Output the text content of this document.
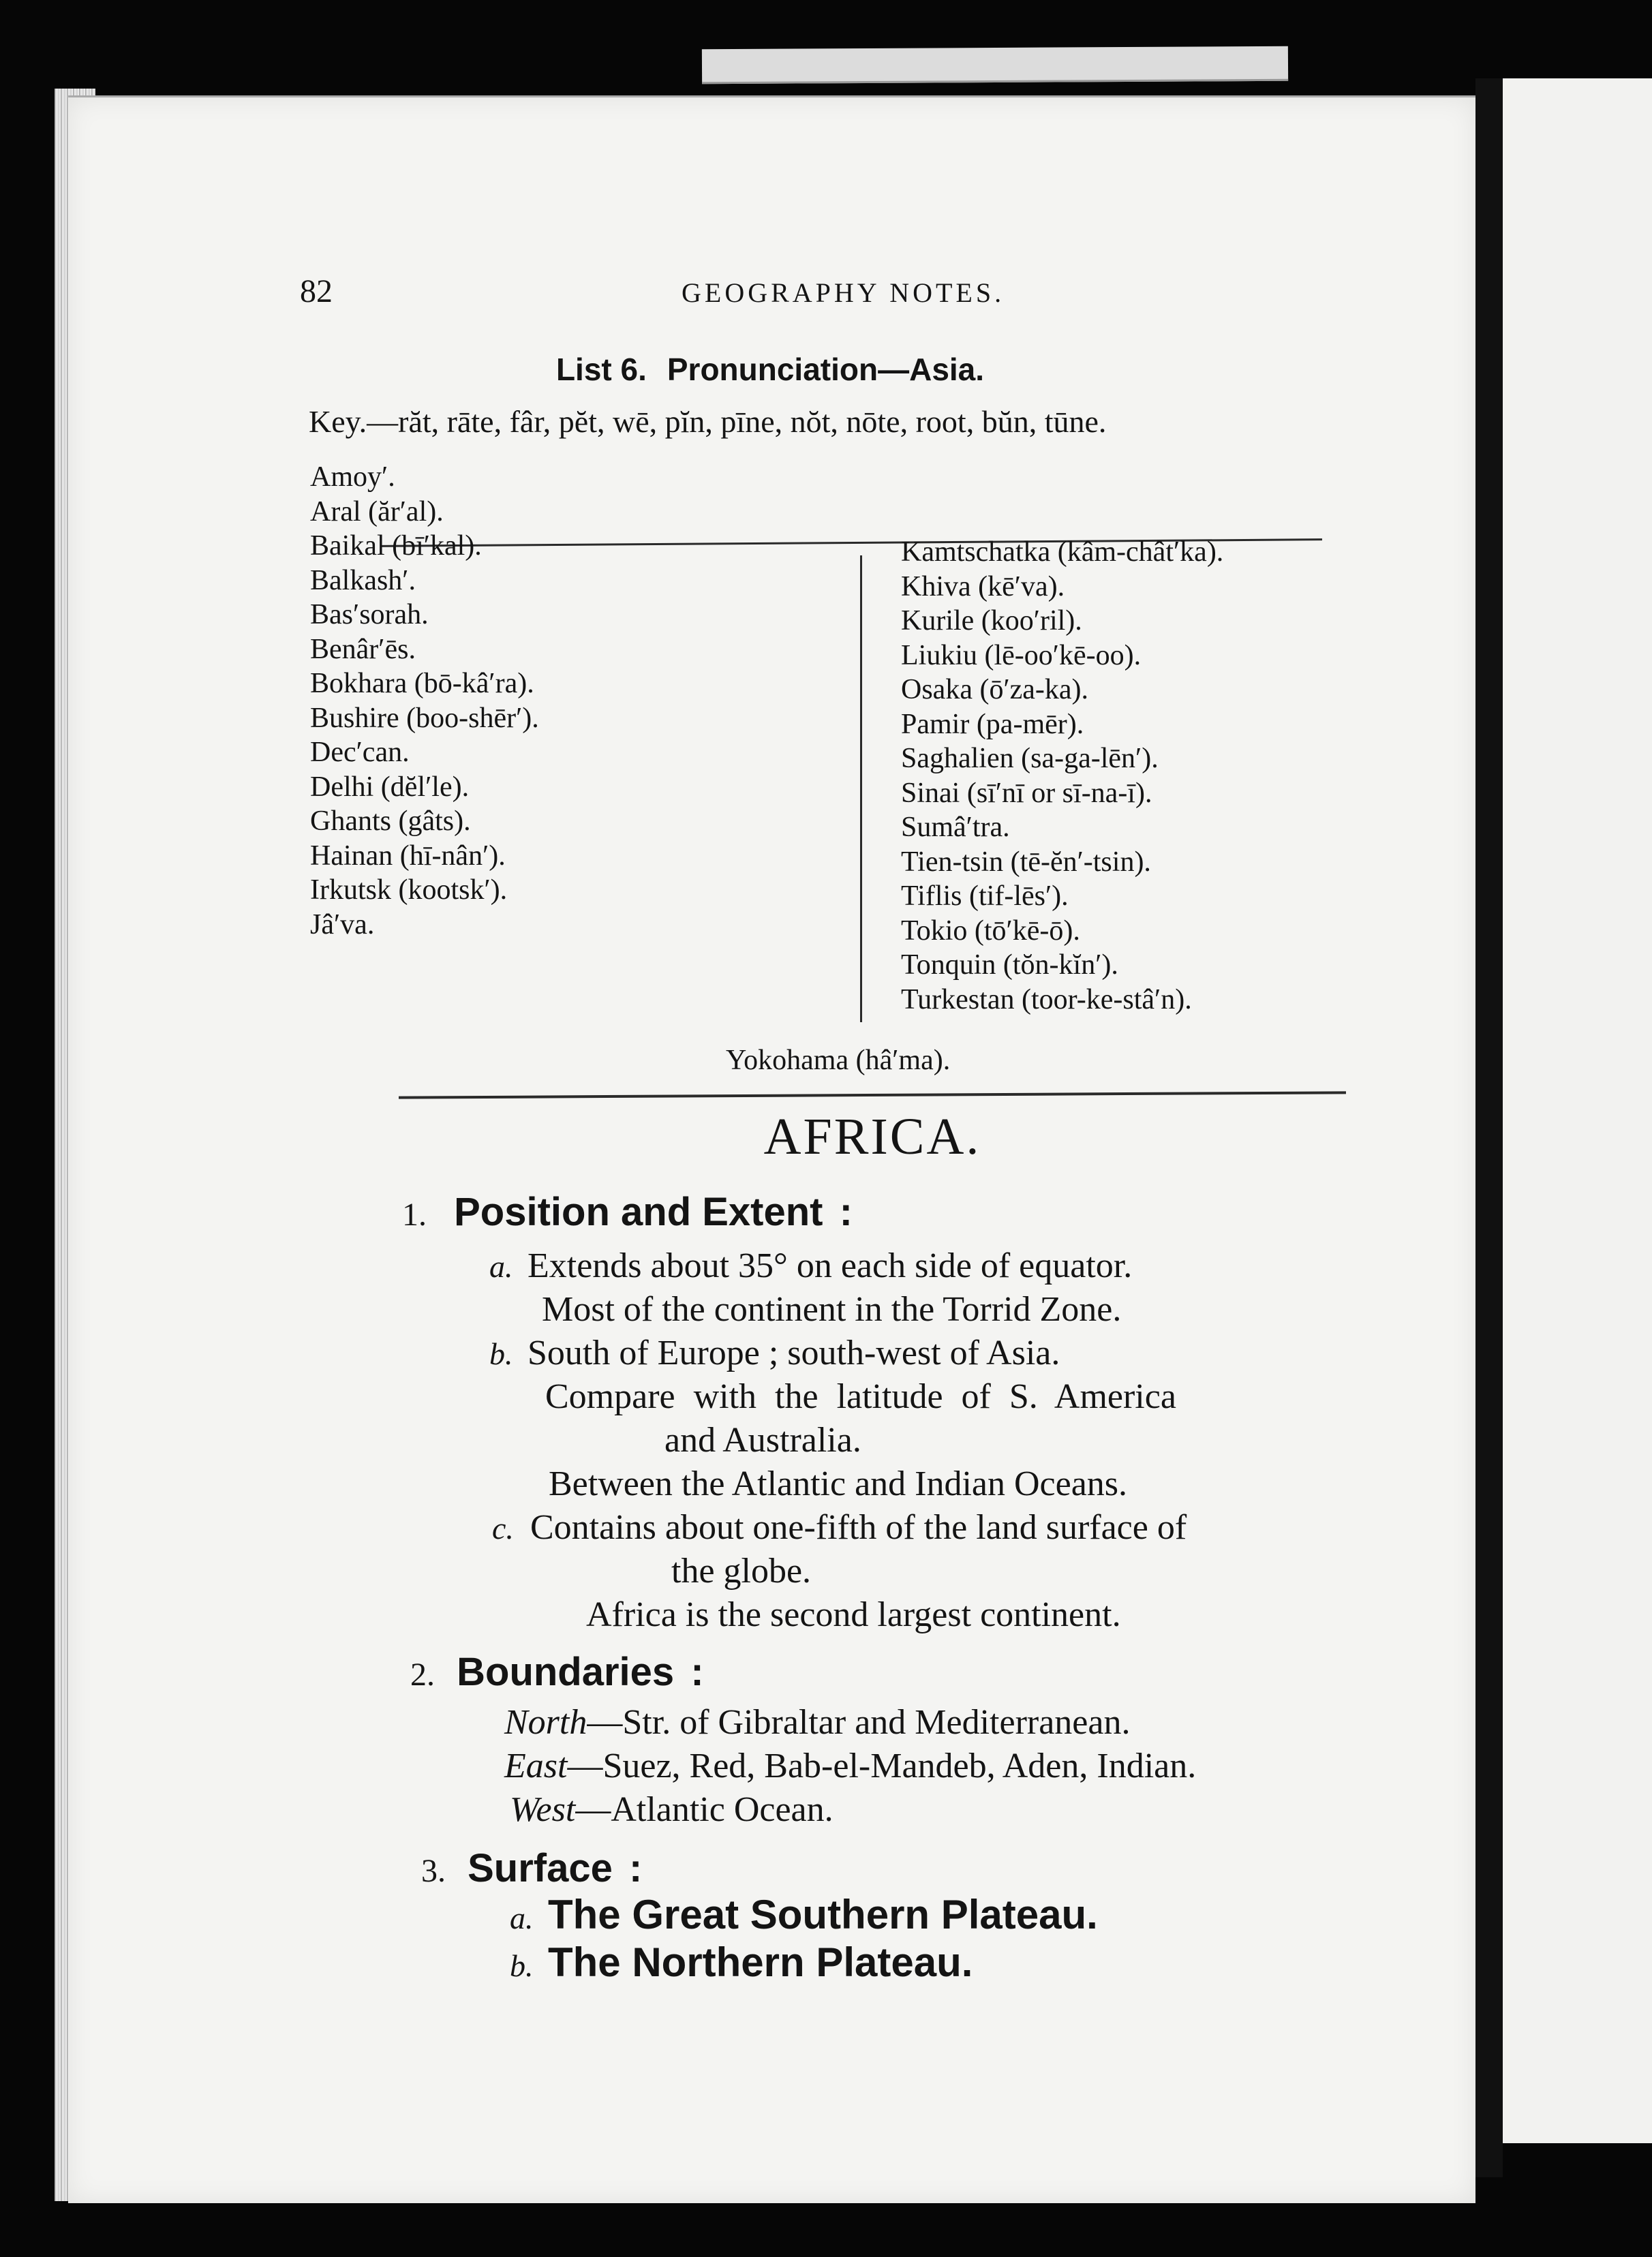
82	GEOGRAPHY NOTES.
List 6. Pronunciation—Asia.
Key.—răt, rāte, fâr, pĕt, wē, pĭn, pīne, nŏt, nōte, root, bŭn, tūne.
Amoy′.
Aral (ăr′al).
Baikal (bī′kal).
Balkash′.
Bas′sorah.
Benâr′ēs.
Bokhara (bō-kâ′ra).
Bushire (boo-shēr′).
Dec′can.
Delhi (dĕl′le).
Ghants (gâts).
Hainan (hī-nân′).
Irkutsk (kootsk′).
Jâ′va.
Kamtschatka (kâm-chât′ka).
Khiva (kē′va).
Kurile (koo′ril).
Liukiu (lē-oo′kē-oo).
Osaka (ō′za-ka).
Pamir (pa-mēr).
Saghalien (sa-ga-lēn′).
Sinai (sī′nī or sī-na-ī).
Sumâ′tra.
Tien-tsin (tē-ĕn′-tsin).
Tiflis (tif-lēs′).
Tokio (tō′kē-ō).
Tonquin (tŏn-kĭn′).
Turkestan (toor-ke-stâ′n).
Yokohama (hâ′ma).
AFRICA.
1. Position and Extent :
a. Extends about 35° on each side of equator.
Most of the continent in the Torrid Zone.
b. South of Europe ; south-west of Asia.
Compare with the latitude of S. America
and Australia.
Between the Atlantic and Indian Oceans.
c. Contains about one-fifth of the land surface of
the globe.
Africa is the second largest continent.
2. Boundaries :
North—Str. of Gibraltar and Mediterranean.
East—Suez, Red, Bab-el-Mandeb, Aden, Indian.
West—Atlantic Ocean.
3. Surface :
a. The Great Southern Plateau.
b. The Northern Plateau.
